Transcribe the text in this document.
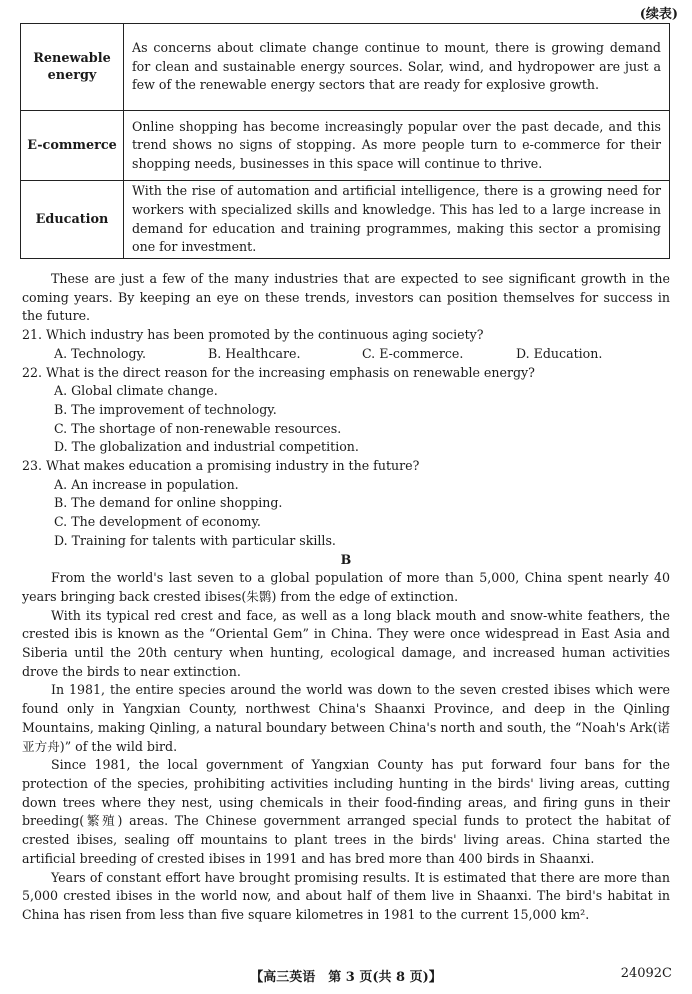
(续表)
Renewable
energy	As concerns about climate change continue to mount, there is growing demand for clean and sustainable energy sources. Solar, wind, and hydropower are just a few of the renewable energy sectors that are ready for explosive growth.

E-commerce	Online shopping has become increasingly popular over the past decade, and this trend shows no signs of stopping. As more people turn to e-commerce for their shopping needs, businesses in this space will continue to thrive.

Education	With the rise of automation and artificial intelligence, there is a growing need for workers with specialized skills and knowledge. This has led to a large increase in demand for education and training programmes, making this sector a promising one for investment.

These are just a few of the many industries that are expected to see significant growth in the coming years. By keeping an eye on these trends, investors can position themselves for success in the future.

21. Which industry has been promoted by the continuous aging society?

A. Technology.	B. Healthcare.	C. E-commerce.	D. Education.

22. What is the direct reason for the increasing emphasis on renewable energy?

A. Global climate change.

B. The improvement of technology.

C. The shortage of non-renewable resources.

D. The globalization and industrial competition.

23. What makes education a promising industry in the future?

A. An increase in population.

B. The demand for online shopping.

C. The development of economy.

D. Training for talents with particular skills.

B

From the world's last seven to a global population of more than 5,000, China spent nearly 40 years bringing back crested ibises(朱鹮) from the edge of extinction.

With its typical red crest and face, as well as a long black mouth and snow-white feathers, the crested ibis is known as the “Oriental Gem” in China. They were once widespread in East Asia and Siberia until the 20th century when hunting, ecological damage, and increased human activities drove the birds to near extinction.

In 1981, the entire species around the world was down to the seven crested ibises which were found only in Yangxian County, northwest China's Shaanxi Province, and deep in the Qinling Mountains, making Qinling, a natural boundary between China's north and south, the “Noah's Ark(诺亚方舟)” of the wild bird.

Since 1981, the local government of Yangxian County has put forward four bans for the protection of the species, prohibiting activities including hunting in the birds' living areas, cutting down trees where they nest, using chemicals in their food-finding areas, and firing guns in their breeding(繁殖) areas. The Chinese government arranged special funds to protect the habitat of crested ibises, sealing off mountains to plant trees in the birds' living areas. China started the artificial breeding of crested ibises in 1991 and has bred more than 400 birds in Shaanxi.

Years of constant effort have brought promising results. It is estimated that there are more than 5,000 crested ibises in the world now, and about half of them live in Shaanxi. The bird's habitat in China has risen from less than five square kilometres in 1981 to the current 15,000 km².

【高三英语　第 3 页(共 8 页)】	24092C
